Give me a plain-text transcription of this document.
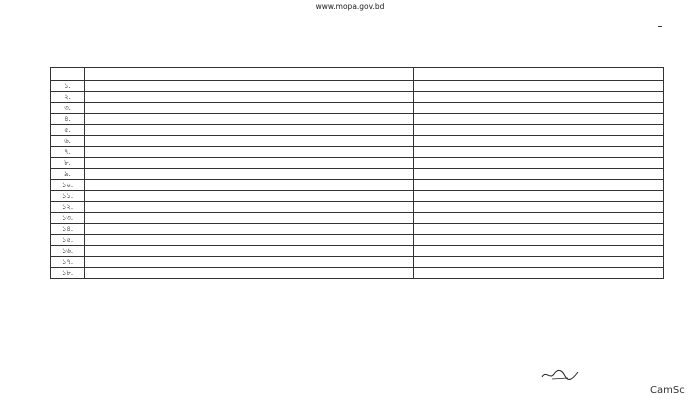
www.mopa.gov.bd

১.	

২.	

৩.	

৪.	

৫.	

৬.	

৭.	

৮.	

৯.	

১০.	

১১.	

১২.	

১৩.	

১৪.	

১৫.	

১৬.	

১৭.	

১৮.	

CamSc
